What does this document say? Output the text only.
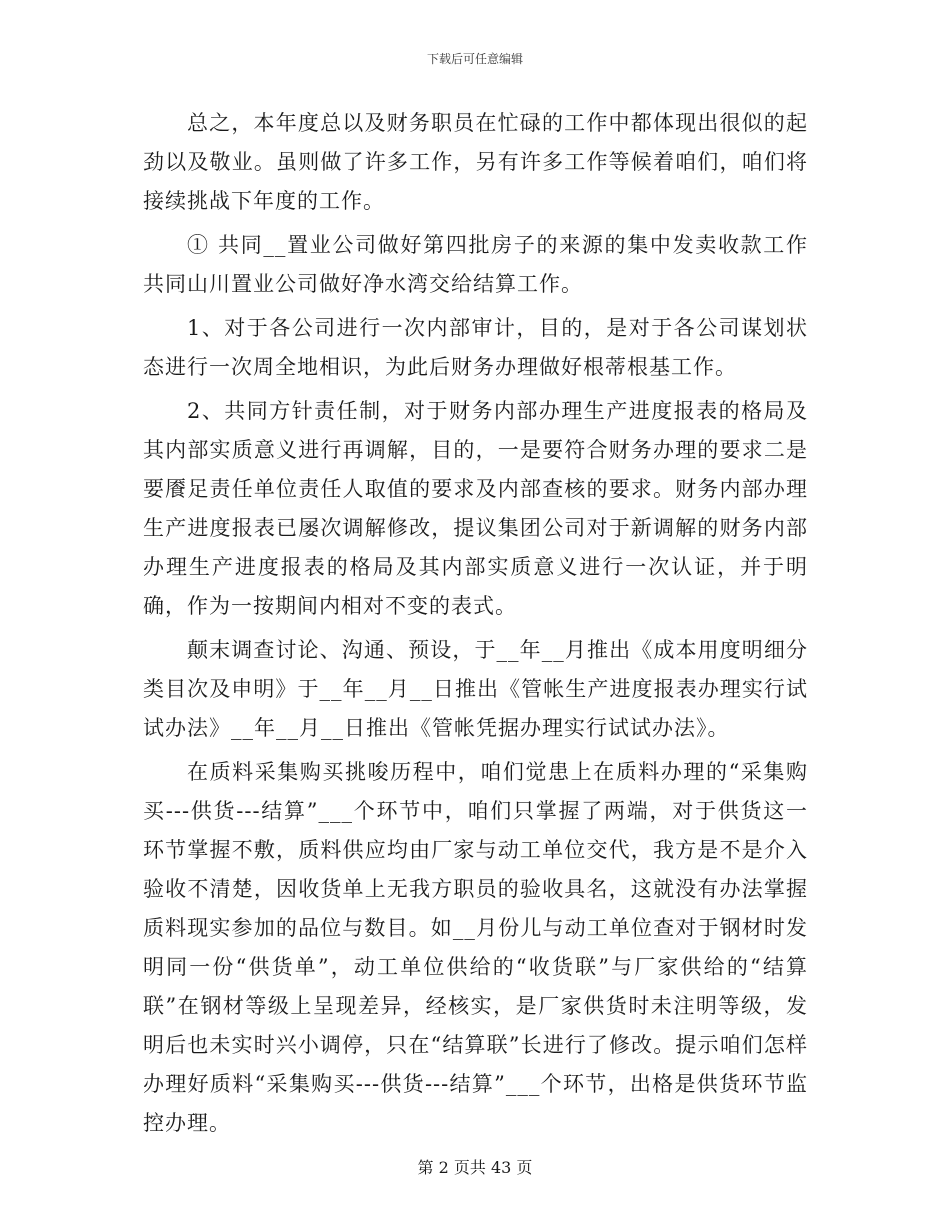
下载后可任意编辑

总之，本年度总以及财务职员在忙碌的工作中都体现出很似的起劲以及敬业。虽则做了许多工作，另有许多工作等候着咱们，咱们将接续挑战下年度的工作。

① 共同__置业公司做好第四批房子的来源的集中发卖收款工作共同山川置业公司做好净水湾交给结算工作。

1、对于各公司进行一次内部审计，目的，是对于各公司谋划状态进行一次周全地相识，为此后财务办理做好根蒂根基工作。

2、共同方针责任制，对于财务内部办理生产进度报表的格局及其内部实质意义进行再调解，目的，一是要符合财务办理的要求二是要餍足责任单位责任人取值的要求及内部查核的要求。财务内部办理生产进度报表已屡次调解修改，提议集团公司对于新调解的财务内部办理生产进度报表的格局及其内部实质意义进行一次认证，并于明确，作为一按期间内相对不变的表式。

颠末调查讨论、沟通、预设，于__年__月推出《成本用度明细分类目次及申明》于__年__月__日推出《管帐生产进度报表办理实行试试办法》__年__月__日推出《管帐凭据办理实行试试办法》。

在质料采集购买挑唆历程中，咱们觉患上在质料办理的“采集购买---供货---结算”___个环节中，咱们只掌握了两端，对于供货这一环节掌握不敷，质料供应均由厂家与动工单位交代，我方是不是介入验收不清楚，因收货单上无我方职员的验收具名，这就没有办法掌握质料现实参加的品位与数目。如__月份儿与动工单位查对于钢材时发明同一份“供货单”，动工单位供给的“收货联”与厂家供给的“结算联”在钢材等级上呈现差异，经核实，是厂家供货时未注明等级，发明后也未实时兴小调停，只在“结算联”长进行了修改。提示咱们怎样办理好质料“采集购买---供货---结算”___个环节，出格是供货环节监控办理。

第 2 页共 43 页
